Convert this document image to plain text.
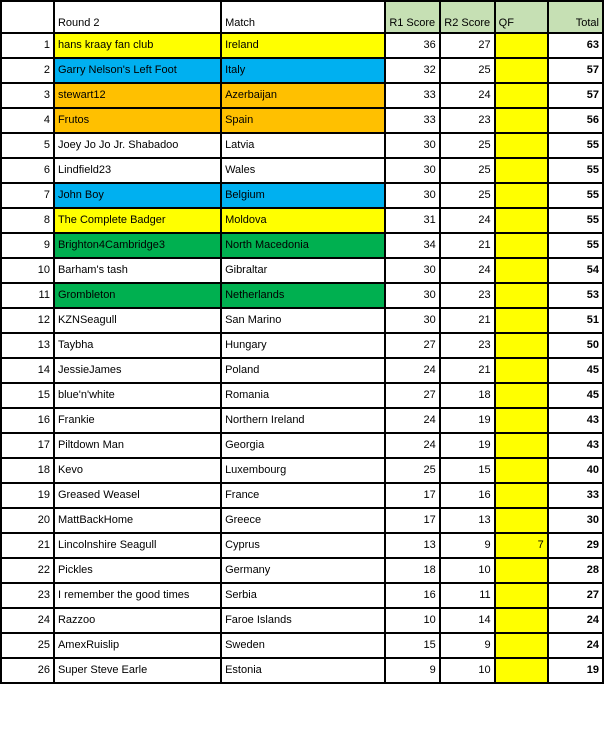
	Round 2	Match	R1 Score	R2 Score	QF	Total
1	hans kraay fan club	Ireland	36	27		63
2	Garry Nelson's Left Foot	Italy	32	25		57
3	stewart12	Azerbaijan	33	24		57
4	Frutos	Spain	33	23		56
5	Joey Jo Jo Jr. Shabadoo	Latvia	30	25		55
6	Lindfield23	Wales	30	25		55
7	John Boy	Belgium	30	25		55
8	The Complete Badger	Moldova	31	24		55
9	Brighton4Cambridge3	North Macedonia	34	21		55
10	Barham's tash	Gibraltar	30	24		54
11	Grombleton	Netherlands	30	23		53
12	KZNSeagull	San Marino	30	21		51
13	Taybha	Hungary	27	23		50
14	JessieJames	Poland	24	21		45
15	blue'n'white	Romania	27	18		45
16	Frankie	Northern Ireland	24	19		43
17	Piltdown Man	Georgia	24	19		43
18	Kevo	Luxembourg	25	15		40
19	Greased Weasel	France	17	16		33
20	MattBackHome	Greece	17	13		30
21	Lincolnshire Seagull	Cyprus	13	9	7	29
22	Pickles	Germany	18	10		28
23	I remember the good times	Serbia	16	11		27
24	Razzoo	Faroe Islands	10	14		24
25	AmexRuislip	Sweden	15	9		24
26	Super Steve Earle	Estonia	9	10		19
